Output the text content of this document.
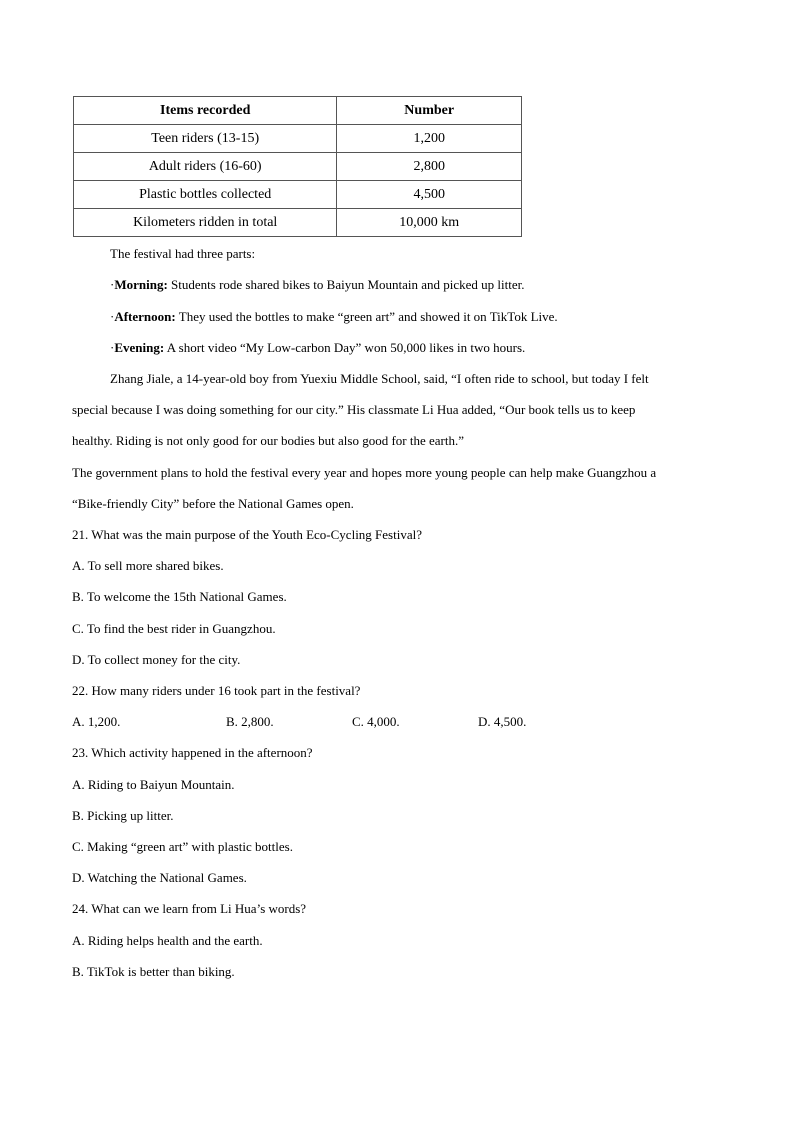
Items recorded	Number
Teen riders (13-15)	1,200
Adult riders (16-60)	2,800
Plastic bottles collected	4,500
Kilometers ridden in total	10,000 km
The festival had three parts:
·Morning: Students rode shared bikes to Baiyun Mountain and picked up litter.
·Afternoon: They used the bottles to make “green art” and showed it on TikTok Live.
·Evening: A short video “My Low-carbon Day” won 50,000 likes in two hours.
Zhang Jiale, a 14-year-old boy from Yuexiu Middle School, said, “I often ride to school, but today I felt
special because I was doing something for our city.” His classmate Li Hua added, “Our book tells us to keep
healthy. Riding is not only good for our bodies but also good for the earth.”
The government plans to hold the festival every year and hopes more young people can help make Guangzhou a
“Bike-friendly City” before the National Games open.
21. What was the main purpose of the Youth Eco-Cycling Festival?
A. To sell more shared bikes.
B. To welcome the 15th National Games.
C. To find the best rider in Guangzhou.
D. To collect money for the city.
22. How many riders under 16 took part in the festival?
A. 1,200.	B. 2,800.	C. 4,000.	D. 4,500.
23. Which activity happened in the afternoon?
A. Riding to Baiyun Mountain.
B. Picking up litter.
C. Making “green art” with plastic bottles.
D. Watching the National Games.
24. What can we learn from Li Hua’s words?
A. Riding helps health and the earth.
B. TikTok is better than biking.
